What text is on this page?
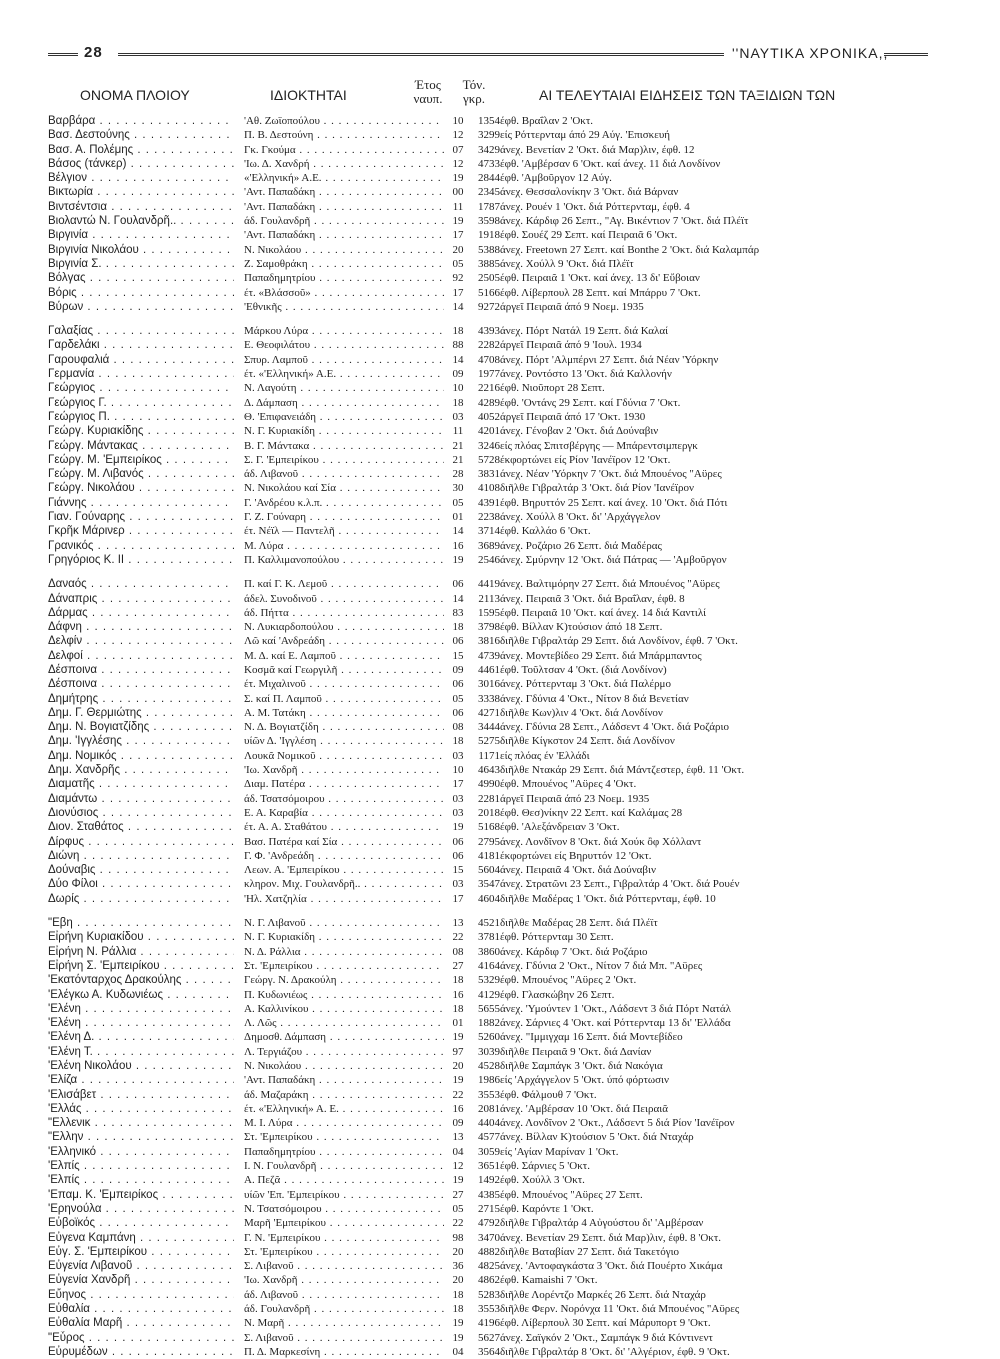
28	''ΝΑΥΤΙΚΑ ΧΡΟΝΙΚΑ,,
ΟΝΟΜΑ ΠΛΟΙΟΥ	ΙΔΙΟΚΤΗΤΑΙ
Έτος
ναυπ.
Τόν.
γκρ.	ΑΙ ΤΕΛΕΥΤΑΙΑΙ ΕΙΔΗΣΕΙΣ ΤΩΝ ΤΑΞΙΔΙΩΝ ΤΩΝ
Βαρβάρα . . .	'Αθ. Ζωϊοπούλου . . .	10	1354 έφθ. Βραΐλαν 2 'Οκτ.
Βασ. Δεστούνης . . .	Π. Β. Δεστούνη . . .	12	3299 είς Ρόττερνταμ άπό 29 Αύγ. 'Επισκευή
Βασ. Α. Πολέμης . . .	Γκ. Γκούμα . . .	07	3429 άνεχ. Βενετίαν 2 'Οκτ. διά Μαρ)λιν, έφθ. 12
Βάσος (τάνκερ) . . .	'Ιω. Δ. Χανδρή . . .	12	4733 έφθ. 'Αμβέρσαν 6 'Οκτ. καί άνεχ. 11 διά Λονδίνον
Βέλγιον . . .	«'Ελληνική» Α.Ε. . . .	19	2844 έφθ. 'Αμβοῦργον 12 Αύγ.
Βικτωρία . . .	'Αντ. Παπαδάκη . . .	00	2345 άνεχ. Θεσσαλονίκην 3 'Οκτ. διά Βάρναν
Βιντσέντσια . . .	'Αντ. Παπαδάκη . . .	11	1787 άνεχ. Ρουέν 1 'Οκτ. διά Ρόττερνταμ, έφθ. 4
Βιολαντώ Ν. Γουλανδρῆ.. . . .	άδ. Γουλανδρῆ . . .	19	3598 άνεχ. Κάρδιφ 26 Σεπτ., "Αγ. Βικέντιον 7 'Οκτ. διά Πλέϊτ
Βιργινία . . .	'Αντ. Παπαδάκη . . .	17	1918 έφθ. Σουέζ 29 Σεπτ. καί Πειραιᾶ 6 'Οκτ.
Βιργινία Νικολάου . . .	Ν. Νικολάου . . .	20	5388 άνεχ. Freetown 27 Σεπτ. καί Bonthe 2 'Οκτ. διά Καλαμπάρ
Βιργινία Σ. . . .	Ζ. Σαμοθράκη . . .	05	3885 άνεχ. Χούλλ 9 'Οκτ. διά Πλέϊτ
Βόλγας . . .	Παπαδημητρίου . . .	92	2505 έφθ. Πειραιᾶ 1 'Οκτ. καί άνεχ. 13 δι' Εὔβοιαν
Βόρις . . .	έτ. «Βλάσσοῦ» . . .	17	5166 έφθ. Λίβερπουλ 28 Σεπτ. καί Μπάρρυ 7 'Οκτ.
Βύρων . . .	'Εθνικῆς . . .	14	9272 άργεῖ Πειραιᾶ άπό 9 Νοεμ. 1935
Γαλαξίας . . .	Μάρκου Λύρα . . .	18	4393 άνεχ. Πόρτ Νατάλ 19 Σεπτ. διά Καλαί
Γαρδελάκι . . .	Ε. Θεοφιλάτου . . .	88	2282 άργεῖ Πειραιᾶ άπό 9 'Ιουλ. 1934
Γαρουφαλιά . . .	Σπυρ. Λαμποῦ . . .	14	4708 άνεχ. Πόρτ 'Αλμπέρνι 27 Σεπτ. διά Νέαν 'Υόρκην
Γερμανία . . .	έτ. «'Ελληνική» Α.Ε. . . .	09	1977 άνεχ. Ροντόστο 13 'Οκτ. διά Καλλονήν
Γεώργιος . . .	Ν. Λαγούτη . . .	10	2216 έφθ. Νιοῦπορτ 28 Σεπτ.
Γεώργιος Γ. . . .	Δ. Δάμπαση . . .	18	4289 έφθ. 'Οντάνς 29 Σεπτ. καί Γδύνια 7 'Οκτ.
Γεώργιος Π. . . .	Θ. 'Επιφανειάδη . . .	03	4052 άργεῖ Πειραιᾶ άπό 17 'Οκτ. 1930
Γεώργ. Κυριακίδης . . .	Ν. Γ. Κυριακίδη . . .	11	4201 άνεχ. Γένοβαν 2 'Οκτ. διά Δούναβιν
Γεώργ. Μάντακας . . .	Β. Γ. Μάντακα . . .	21	3246 είς πλόας Σπιτσβέργης — Μπάρεντσιμπεργκ
Γεώργ. Μ. 'Εμπειρίκος . . .	Σ. Γ. 'Εμπειρίκου . . .	21	5728 έκφορτώνει είς Ρίον 'Ιανέϊρον 12 'Οκτ.
Γεώργ. Μ. Λιβανός . . .	άδ. Λιβανοῦ . . .	28	3831 άνεχ. Νέαν 'Υόρκην 7 'Οκτ. διά Μπουένος "Αϋρες
Γεώργ. Νικολάου . . .	Ν. Νικολάου καί Σία . . .	30	4108 διῆλθε Γιβραλτάρ 3 'Οκτ. διά Ρίον 'Ιανέϊρον
Γιάννης . . .	Γ. 'Ανδρέου κ.λ.π. . . .	05	4391 έφθ. Βηρυττόν 25 Σεπτ. καί άνεχ. 10 'Οκτ. διά Πότι
Γιαν. Γούναρης . . .	Γ. Ζ. Γούναρη . . .	01	2238 άνεχ. Χούλλ 8 'Οκτ. δι' 'Αρχάγγελον
Γκρῆκ Μάρινερ . . .	έτ. Νέϊλ — Παντελῆ . . .	14	3714 έφθ. Καλλάο 6 'Οκτ.
Γρανικός . . .	Μ. Λύρα . . .	16	3689 άνεχ. Ροζάριο 26 Σεπτ. διά Μαδέρας
Γρηγόριος Κ. ΙΙ . . .	Π. Καλλιμανοπούλου . . .	19	2546 άνεχ. Σμύρνην 12 'Οκτ. διά Πάτρας — 'Αμβοῦργον
Δαναός . . .	Π. καί Γ. Κ. Λεμοῦ . . .	06	4419 άνεχ. Βαλτιμόρην 27 Σεπτ. διά Μπουένος "Αϋρες
Δάναπρις . . .	άδελ. Συνοδινοῦ . . .	14	2113 άνεχ. Πειραιᾶ 3 'Οκτ. διά Βραΐλαν, έφθ. 8
Δάρμας . . .	άδ. Πήττα . . .	83	1595 έφθ. Πειραιᾶ 10 'Οκτ. καί άνεχ. 14 διά Καντιλί
Δάφνη . . .	Ν. Λυκιαρδοπούλου . . .	18	3798 έφθ. Βίλλαν Κ)τούσιον άπό 18 Σεπτ.
Δελφίν . . .	Λῶ καί 'Ανδρεάδη . . .	06	3816 διῆλθε Γιβραλτάρ 29 Σεπτ. διά Λονδίνον, έφθ. 7 'Οκτ.
Δελφοί . . .	Μ. Δ. καί Ε. Λαμποῦ . . .	15	4739 άνεχ. Μοντεβίδεο 29 Σεπτ. διά Μπάρμπαντος
Δέσποινα . . .	Κοσμᾶ καί Γεωργιλῆ . . .	09	4461 έφθ. Τοῦλτσαν 4 'Οκτ. (διά Λονδίνον)
Δέσποινα . . .	έτ. Μιχαλινοῦ . . .	06	3016 άνεχ. Ρόττερνταμ 3 'Οκτ. διά Παλέρμο
Δημήτρης . . .	Σ. καί Π. Λαμποῦ . . .	05	3338 άνεχ. Γδύνια 4 'Οκτ., Νίτον 8 διά Βενετίαν
Δημ. Γ. Θερμιώτης . . .	Α. Μ. Τατάκη . . .	06	4271 διῆλθε Κων)λιν 4 'Οκτ. διά Λονδίνον
Δημ. Ν. Βογιατζίδης . . .	Ν. Δ. Βογιατζίδη . . .	08	3444 άνεχ. Γδύνια 28 Σεπτ., Λάδσεντ 4 'Οκτ. διά Ροζάριο
Δημ. 'Ιγγλέσης . . .	υίῶν Δ. 'Ιγγλέση . . .	18	5275 διῆλθε Κίγκστον 24 Σεπτ. διά Λονδίνον
Δημ. Νομικός . . .	Λουκᾶ Νομικοῦ . . .	03	1171 είς πλόας έν 'Ελλάδι
Δημ. Χανδρῆς . . .	'Ιω. Χανδρῆ . . .	10	4643 διῆλθε Ντακάρ 29 Σεπτ. διά Μάντζεστερ, έφθ. 11 'Οκτ.
Διαματῆς . . .	Διαμ. Πατέρα . . .	17	4990 έφθ. Μπουένος "Αϋρες 4 'Οκτ.
Διαμάντω . . .	άδ. Τσατσόμοιρου . . .	03	2281 άργεῖ Πειραιᾶ άπό 23 Νοεμ. 1935
Διονύσιος . . .	Ε. Α. Καραβία . . .	03	2018 έφθ. Θεσ)νίκην 22 Σεπτ. καί Καλάμας 28
Διον. Σταθάτος . . .	έτ. Α. Α. Σταθάτου . . .	19	5168 έφθ. 'Αλεξάνδρειαν 3 'Οκτ.
Δίρφυς . . .	Βασ. Πατέρα καί Σία . . .	06	2795 άνεχ. Λονδῖνον 8 'Οκτ. διά Χούκ ὂφ Χόλλαντ
Διώνη . . .	Γ. Φ. 'Ανδρεάδη . . .	06	4181 έκφορτώνει είς Βηρυττόν 12 'Οκτ.
Δούναβις . . .	Λεων. Α. 'Εμπειρίκου . . .	15	5604 άνεχ. Πειραιᾶ 4 'Οκτ. διά Δούναβιν
Δύο Φίλοι . . .	κληρον. Μιχ. Γουλανδρῆ.. . . .	03	3547 άνεχ. Στρατῶνι 23 Σεπτ., Γιβραλτάρ 4 'Οκτ. διά Ρουέν
Δωρίς . . .	'Ηλ. Χατζηλία . . .	17	4604 διῆλθε Μαδέρας 1 'Οκτ. διά Ρόττερνταμ, έφθ. 10
"Εβη . . .	Ν. Γ. Λιβανοῦ . . .	13	4521 διῆλθε Μαδέρας 28 Σεπτ. διά Πλέϊτ
Εἰρήνη Κυριακίδου . . .	Ν. Γ. Κυριακίδη . . .	22	3781 έφθ. Ρόττερνταμ 30 Σεπτ.
Εἰρήνη Ν. Ράλλια . . .	Ν. Δ. Ράλλια . . .	08	3860 άνεχ. Κάρδιφ 7 'Οκτ. διά Ροζάριο
Εἰρήνη Σ. 'Εμπειρίκου . . .	Στ. 'Εμπειρίκου . . .	27	4164 άνεχ. Γδύνια 2 'Οκτ., Νίτον 7 διά Μπ. "Αϋρες
'Εκατόνταρχος Δρακούλης . . .	Γεώργ. Ν. Δρακούλη . . .	18	5329 έφθ. Μπουένος "Αϋρες 2 'Οκτ.
'Ελέγκω Α. Κυδωνιέως . . .	Π. Κυδωνιέως . . .	16	4129 έφθ. Γλασκώβην 26 Σεπτ.
'Ελένη . . .	Α. Καλλινίκου . . .	18	5655 άνεχ. 'Υμούντεν 1 'Οκτ., Λάδσεντ 3 διά Πόρτ Νατάλ
'Ελένη . . .	Λ. Λῶς . . .	01	1882 άνεχ. Σάρνιες 4 'Οκτ. καί Ρόττερνταμ 13 δι' 'Ελλάδα
'Ελένη Δ. . . .	Δημοσθ. Δάμπαση . . .	19	5260 άνεχ. "Ιμμιγχαμ 16 Σεπτ. διά Μοντεβίδεο
'Ελένη Τ. . . .	Λ. Τεργιάζου . . .	97	3039 διῆλθε Πειραιᾶ 9 'Οκτ. διά Δανίαν
'Ελένη Νικολάου . . .	Ν. Νικολάου . . .	20	4528 διῆλθε Σαμπάγκ 3 'Οκτ. διά Νακόγια
'Ελίζα . . .	'Αντ. Παπαδάκη . . .	19	1986 είς 'Αρχάγγελον 5 'Οκτ. ύπό φόρτωσιν
'Ελισάβετ . . .	άδ. Μαζαράκη . . .	22	3553 έφθ. Φάλμουθ 7 'Οκτ.
'Ελλάς . . .	έτ. «'Ελληνική» Α. Ε. . . .	16	2081 άνεχ. 'Αμβέρσαν 10 'Οκτ. διά Πειραιᾶ
"Ελλενικ . . .	Μ. Ι. Λύρα . . .	09	4404 άνεχ. Λονδῖνον 2 'Οκτ., Λάδσεντ 5 διά Ρίον 'Ιανέϊρον
"Ελλην . . .	Στ. 'Εμπειρίκου . . .	13	4577 άνεχ. Βίλλαν Κ)τούσιον 5 'Οκτ. διά Νταχάρ
'Ελληνικό . . .	Παπαδημητρίου . . .	04	3059 είς 'Αγίαν Μαρίναν 1 'Οκτ.
'Ελπίς . . .	Ι. Ν. Γουλανδρῆ . . .	12	3651 έφθ. Σάρνιες 5 'Οκτ.
'Ελπίς . . .	Α. Πεζᾶ . . .	19	1492 έφθ. Χούλλ 3 'Οκτ.
'Επαμ. Κ. 'Εμπειρίκος . . .	υίῶν 'Επ. 'Εμπειρίκου . . .	27	4385 έφθ. Μπουένος "Αϋρες 27 Σεπτ.
'Ερηνούλα . . .	Ν. Τσατσόμοιρου . . .	05	2715 έφθ. Καρόντε 1 'Οκτ.
Εὐβοϊκός . . .	Μαρῆ 'Εμπειρίκου . . .	22	4792 διῆλθε Γιβραλτάρ 4 Αὐγούστου δι' 'Αμβέρσαν
Εὐγενα Καμπάνη . . .	Γ. Ν. 'Εμπειρίκου . . .	98	3470 άνεχ. Βενετίαν 29 Σεπτ. διά Μαρ)λιν, έφθ. 8 'Οκτ.
Εὐγ. Σ. 'Εμπειρίκου . . .	Στ. 'Εμπειρίκου . . .	20	4882 διῆλθε Βαταβίαν 27 Σεπτ. διά Τακετόγιο
Εὐγενία Λιβανοῦ . . .	Σ. Λιβανοῦ . . .	36	4825 άνεχ. 'Αντοφαγκάστα 3 'Οκτ. διά Πουέρτο Χικάμα
Εὐγενία Χανδρῆ . . .	'Ιω. Χανδρῆ . . .	20	4862 έφθ. Kamaishi 7 'Οκτ.
Εὔηνος . . .	άδ. Λιβανοῦ . . .	18	5283 διῆλθε Λορέντζο Μαρκές 26 Σεπτ. διά Νταχάρ
Εὐθαλία . . .	άδ. Γουλανδρῆ . . .	18	3553 διῆλθε Φερν. Νορόνχα 11 'Οκτ. διά Μπουένος "Αϋρες
Εὐθαλία Μαρῆ . . .	Ν. Μαρῆ . . .	19	4196 έφθ. Λίβερπουλ 30 Σεπτ. καί Μάρυπορτ 9 'Οκτ.
"Εὖρος . . .	Σ. Λιβανοῦ . . .	19	5627 άνεχ. Σαϊγκόν 2 'Οκτ., Σαμπάγκ 9 διά Κόντινεντ
Εὐρυμέδων . . .	Π. Δ. Μαρκεσίνη . . .	04	3564 διῆλθε Γιβραλτάρ 8 'Οκτ. δι' 'Αλγέριον, έφθ. 9 'Οκτ.
